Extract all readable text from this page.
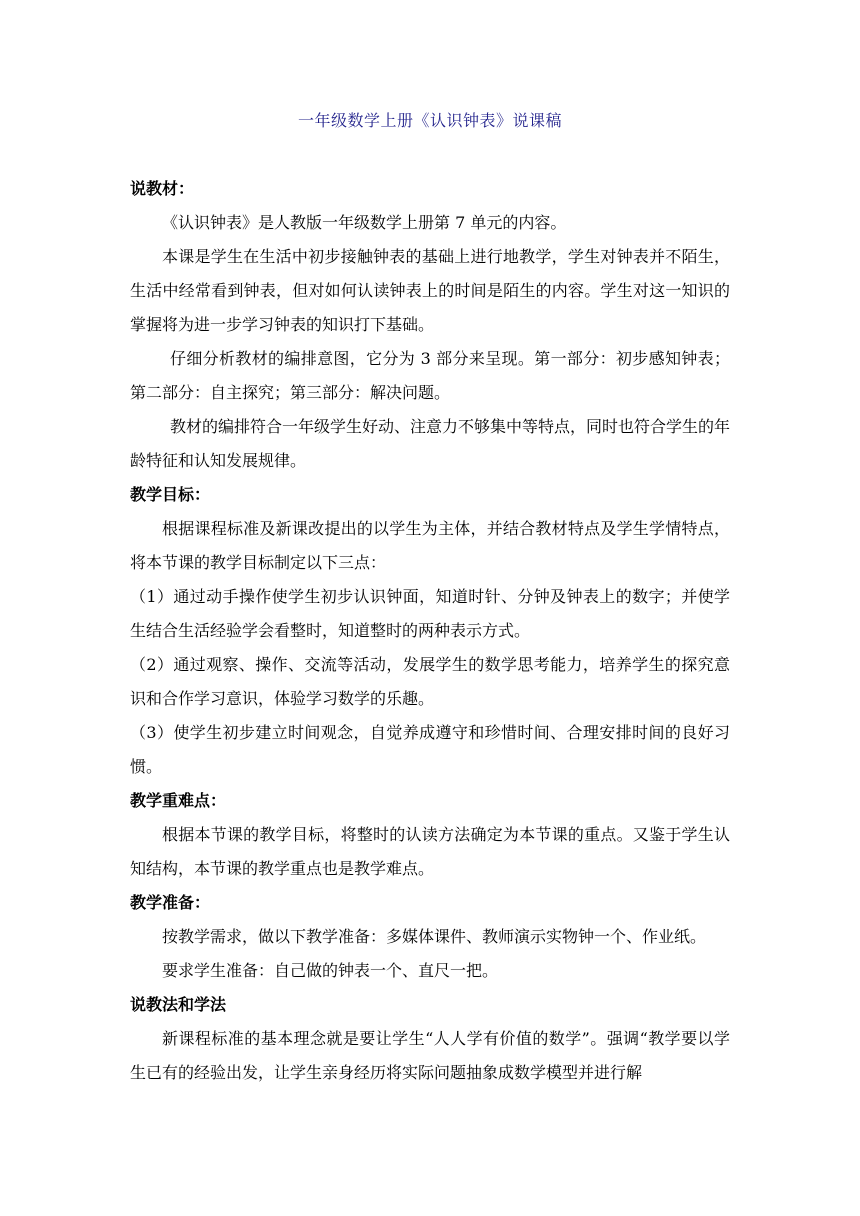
一年级数学上册《认识钟表》说课稿

说教材：

《认识钟表》是人教版一年级数学上册第 7 单元的内容。

本课是学生在生活中初步接触钟表的基础上进行地教学，学生对钟表并不陌生，生活中经常看到钟表，但对如何认读钟表上的时间是陌生的内容。学生对这一知识的掌握将为进一步学习钟表的知识打下基础。

仔细分析教材的编排意图，它分为 3 部分来呈现。第一部分：初步感知钟表；第二部分：自主探究；第三部分：解决问题。

教材的编排符合一年级学生好动、注意力不够集中等特点，同时也符合学生的年龄特征和认知发展规律。

教学目标：

根据课程标准及新课改提出的以学生为主体，并结合教材特点及学生学情特点，将本节课的教学目标制定以下三点：

（1）通过动手操作使学生初步认识钟面，知道时针、分钟及钟表上的数字；并使学生结合生活经验学会看整时，知道整时的两种表示方式。

（2）通过观察、操作、交流等活动，发展学生的数学思考能力，培养学生的探究意识和合作学习意识，体验学习数学的乐趣。

（3）使学生初步建立时间观念，自觉养成遵守和珍惜时间、合理安排时间的良好习惯。

教学重难点：

根据本节课的教学目标，将整时的认读方法确定为本节课的重点。又鉴于学生认知结构，本节课的教学重点也是教学难点。

教学准备：

按教学需求，做以下教学准备：多媒体课件、教师演示实物钟一个、作业纸。

要求学生准备：自己做的钟表一个、直尺一把。

说教法和学法

新课程标准的基本理念就是要让学生“人人学有价值的数学”。强调“教学要以学生已有的经验出发，让学生亲身经历将实际问题抽象成数学模型并进行解
